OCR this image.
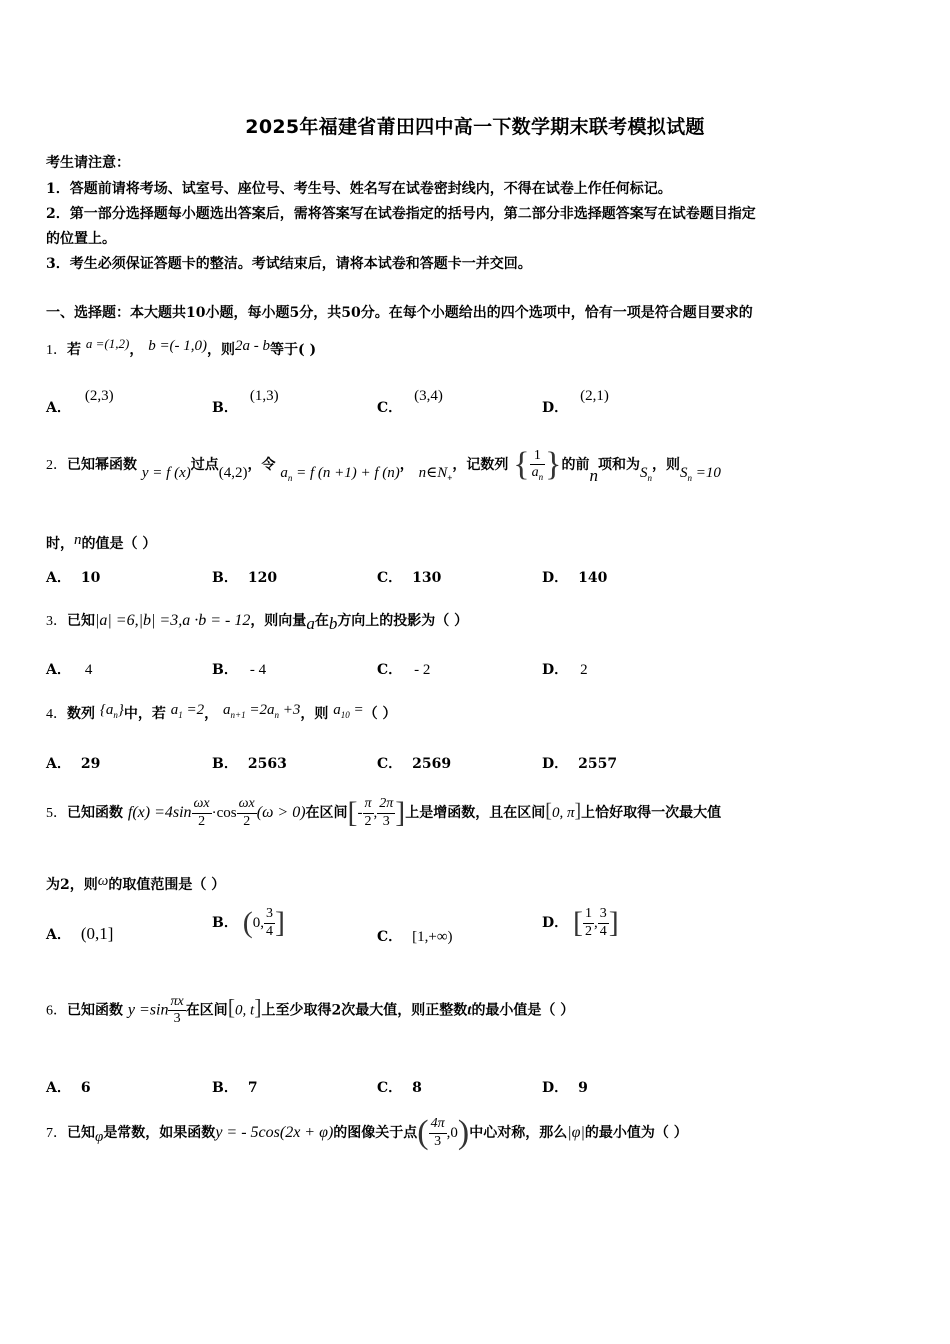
2025年福建省莆田四中高一下数学期末联考模拟试题
考生请注意：
1．答题前请将考场、试室号、座位号、考生号、姓名写在试卷密封线内，不得在试卷上作任何标记。
2．第一部分选择题每小题选出答案后，需将答案写在试卷指定的括号内，第二部分非选择题答案写在试卷题目指定
的位置上。
3．考生必须保证答题卡的整洁。考试结束后，请将本试卷和答题卡一并交回。
一、选择题：本大题共10小题，每小题5分，共50分。在每个小题给出的四个选项中，恰有一项是符合题目要求的
1．若 a =(1,2)， b =(- 1,0)，则2a - b等于( )
A．(2,3)
B．(1,3)
C．(3,4)
D．(2,1)
2．已知幂函数 y = f (x)过点(4,2)，令 $a_n = f$ (n +1) + f (n)， $n\in N_+$，记数列 { $\frac{1}{a_n}$ }的前n项和为$S_n$，则$S_n =10$
时，n的值是（ ）
A． 10	B． 120	C． 130	D． 140
3．已知|a| =6,|b| =3,a ·b = - 12，则向量a在b方向上的投影为（ ）
A． 4	B． - 4	C． - 2	D． 2
4．数列 $\{a_n\}$中，若 $a_1 =2$， $a_{n+1} =2a_n +3$，则 $a_{10}$ =（ ）
A． 29	B． 2563	C． 2569	D． 2557
5．已知函数 $f(x) =4\sin \frac{\omega x}{2} \cdot\cos \frac{\omega x}{2} (\omega > 0)$在区间[- $\frac{\pi}{2}$ , $\frac{2\pi}{3}$ ]上是增函数，且在区间[0, π]上恰好取得一次最大值
为2，则ω的取值范围是（ ）
A． (0,1]
B． (0, $\frac{3}{4}$ ]	C． [1,+∞)
D． [ $\frac{1}{2}$ , $\frac{3}{4}$ ]
6．已知函数 $y =\sin \frac{\pi x}{3}$ 在区间[0, t]上至少取得2次最大值，则正整数t的最小值是（ ）
A． 6	B． 7	C． 8	D． 9
7．已知φ是常数，如果函数y = - 5cos(2x + φ)的图像关于点( $\frac{4\pi}{3} ,0$)中心对称，那么|φ|的最小值为（ ）
